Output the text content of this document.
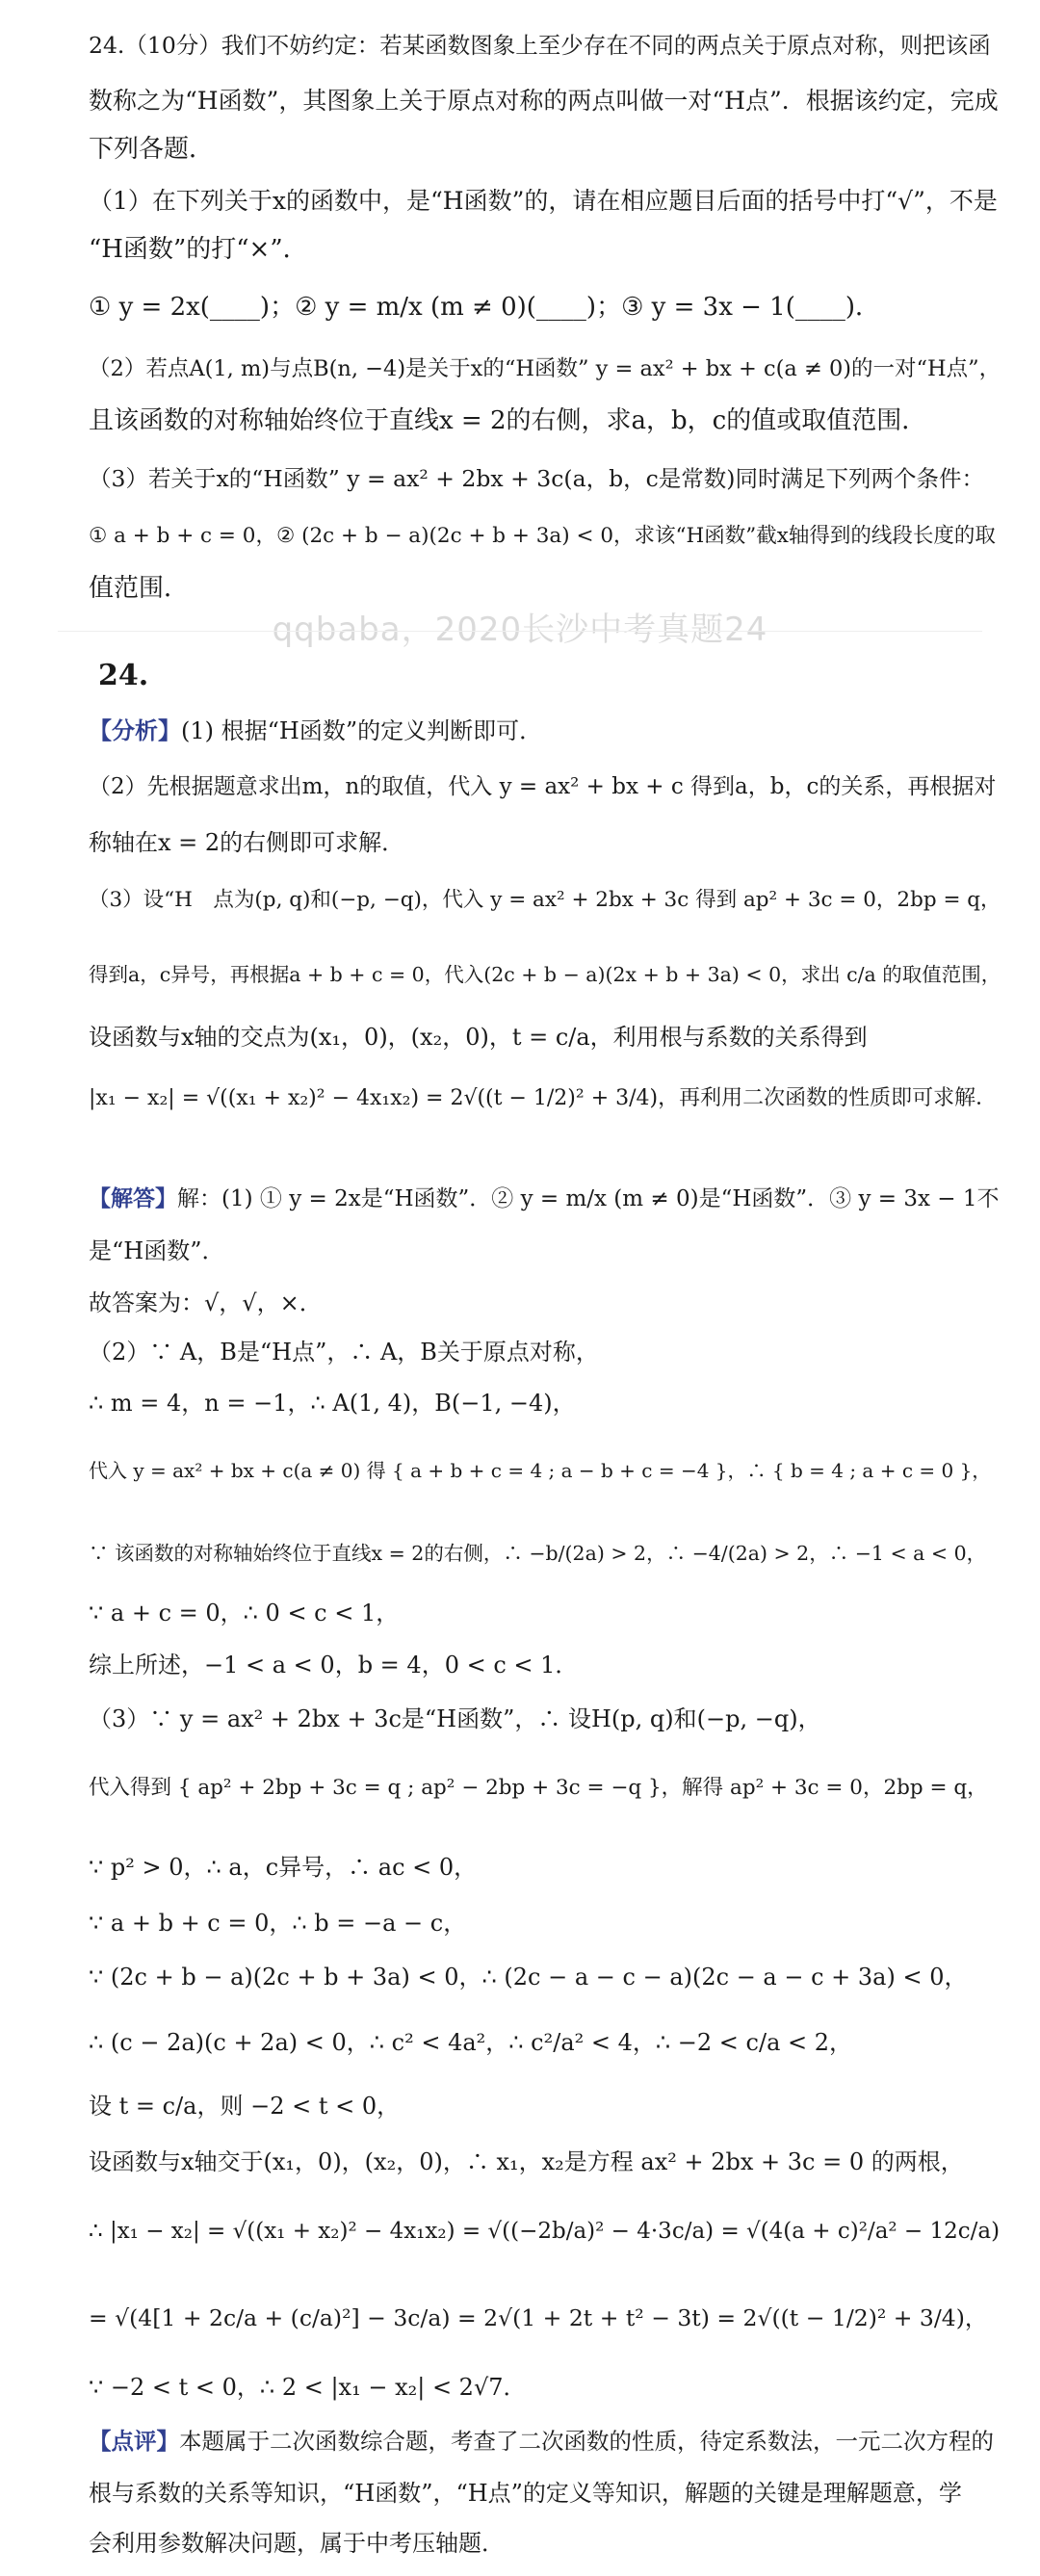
24.（10分）我们不妨约定：若某函数图象上至少存在不同的两点关于原点对称，则把该函
数称之为“H函数”，其图象上关于原点对称的两点叫做一对“H点”．根据该约定，完成
下列各题．
（1）在下列关于x的函数中，是“H函数”的，请在相应题目后面的括号中打“√”，不是
“H函数”的打“×”．
① y = 2x(____)；② y = m/x (m ≠ 0)(____)；③ y = 3x − 1(____)．
（2）若点A(1, m)与点B(n, −4)是关于x的“H函数” y = ax² + bx + c(a ≠ 0)的一对“H点”，
且该函数的对称轴始终位于直线x = 2的右侧，求a，b，c的值或取值范围．
（3）若关于x的“H函数” y = ax² + 2bx + 3c(a，b，c是常数)同时满足下列两个条件：
① a + b + c = 0，② (2c + b − a)(2c + b + 3a) < 0，求该“H函数”截x轴得到的线段长度的取
值范围．
qqbaba，2020长沙中考真题24
24.
【分析】(1) 根据“H函数”的定义判断即可．
（2）先根据题意求出m，n的取值，代入 y = ax² + bx + c 得到a，b，c的关系，再根据对
称轴在x = 2的右侧即可求解．
（3）设“H　点为(p, q)和(−p, −q)，代入 y = ax² + 2bx + 3c 得到 ap² + 3c = 0，2bp = q，
得到a，c异号，再根据a + b + c = 0，代入(2c + b − a)(2x + b + 3a) < 0，求出 c/a 的取值范围，
设函数与x轴的交点为(x₁，0)，(x₂，0)，t = c/a，利用根与系数的关系得到
|x₁ − x₂| = √((x₁ + x₂)² − 4x₁x₂) = 2√((t − 1/2)² + 3/4)，再利用二次函数的性质即可求解．
【解答】解：(1) ① y = 2x是“H函数”．② y = m/x (m ≠ 0)是“H函数”．③ y = 3x − 1不
是“H函数”．
故答案为：√，√，×．
（2）∵ A，B是“H点”，∴ A，B关于原点对称，
∴ m = 4，n = −1，∴ A(1, 4)，B(−1, −4)，
代入 y = ax² + bx + c(a ≠ 0) 得 { a + b + c = 4 ; a − b + c = −4 }，∴ { b = 4 ; a + c = 0 }，
∵ 该函数的对称轴始终位于直线x = 2的右侧，∴ −b/(2a) > 2，∴ −4/(2a) > 2，∴ −1 < a < 0，
∵ a + c = 0，∴ 0 < c < 1，
综上所述，−1 < a < 0，b = 4，0 < c < 1．
（3）∵ y = ax² + 2bx + 3c是“H函数”，∴ 设H(p, q)和(−p, −q)，
代入得到 { ap² + 2bp + 3c = q ; ap² − 2bp + 3c = −q }，解得 ap² + 3c = 0，2bp = q，
∵ p² > 0，∴ a，c异号，∴ ac < 0，
∵ a + b + c = 0，∴ b = −a − c，
∵ (2c + b − a)(2c + b + 3a) < 0，∴ (2c − a − c − a)(2c − a − c + 3a) < 0，
∴ (c − 2a)(c + 2a) < 0，∴ c² < 4a²，∴ c²/a² < 4，∴ −2 < c/a < 2，
设 t = c/a，则 −2 < t < 0，
设函数与x轴交于(x₁，0)，(x₂，0)，∴ x₁，x₂是方程 ax² + 2bx + 3c = 0 的两根，
∴ |x₁ − x₂| = √((x₁ + x₂)² − 4x₁x₂) = √((−2b/a)² − 4·3c/a) = √(4(a + c)²/a² − 12c/a)
= √(4[1 + 2c/a + (c/a)²] − 3c/a) = 2√(1 + 2t + t² − 3t) = 2√((t − 1/2)² + 3/4)，
∵ −2 < t < 0，∴ 2 < |x₁ − x₂| < 2√7．
【点评】本题属于二次函数综合题，考查了二次函数的性质，待定系数法，一元二次方程的
根与系数的关系等知识，“H函数”，“H点”的定义等知识，解题的关键是理解题意，学
会利用参数解决问题，属于中考压轴题．
